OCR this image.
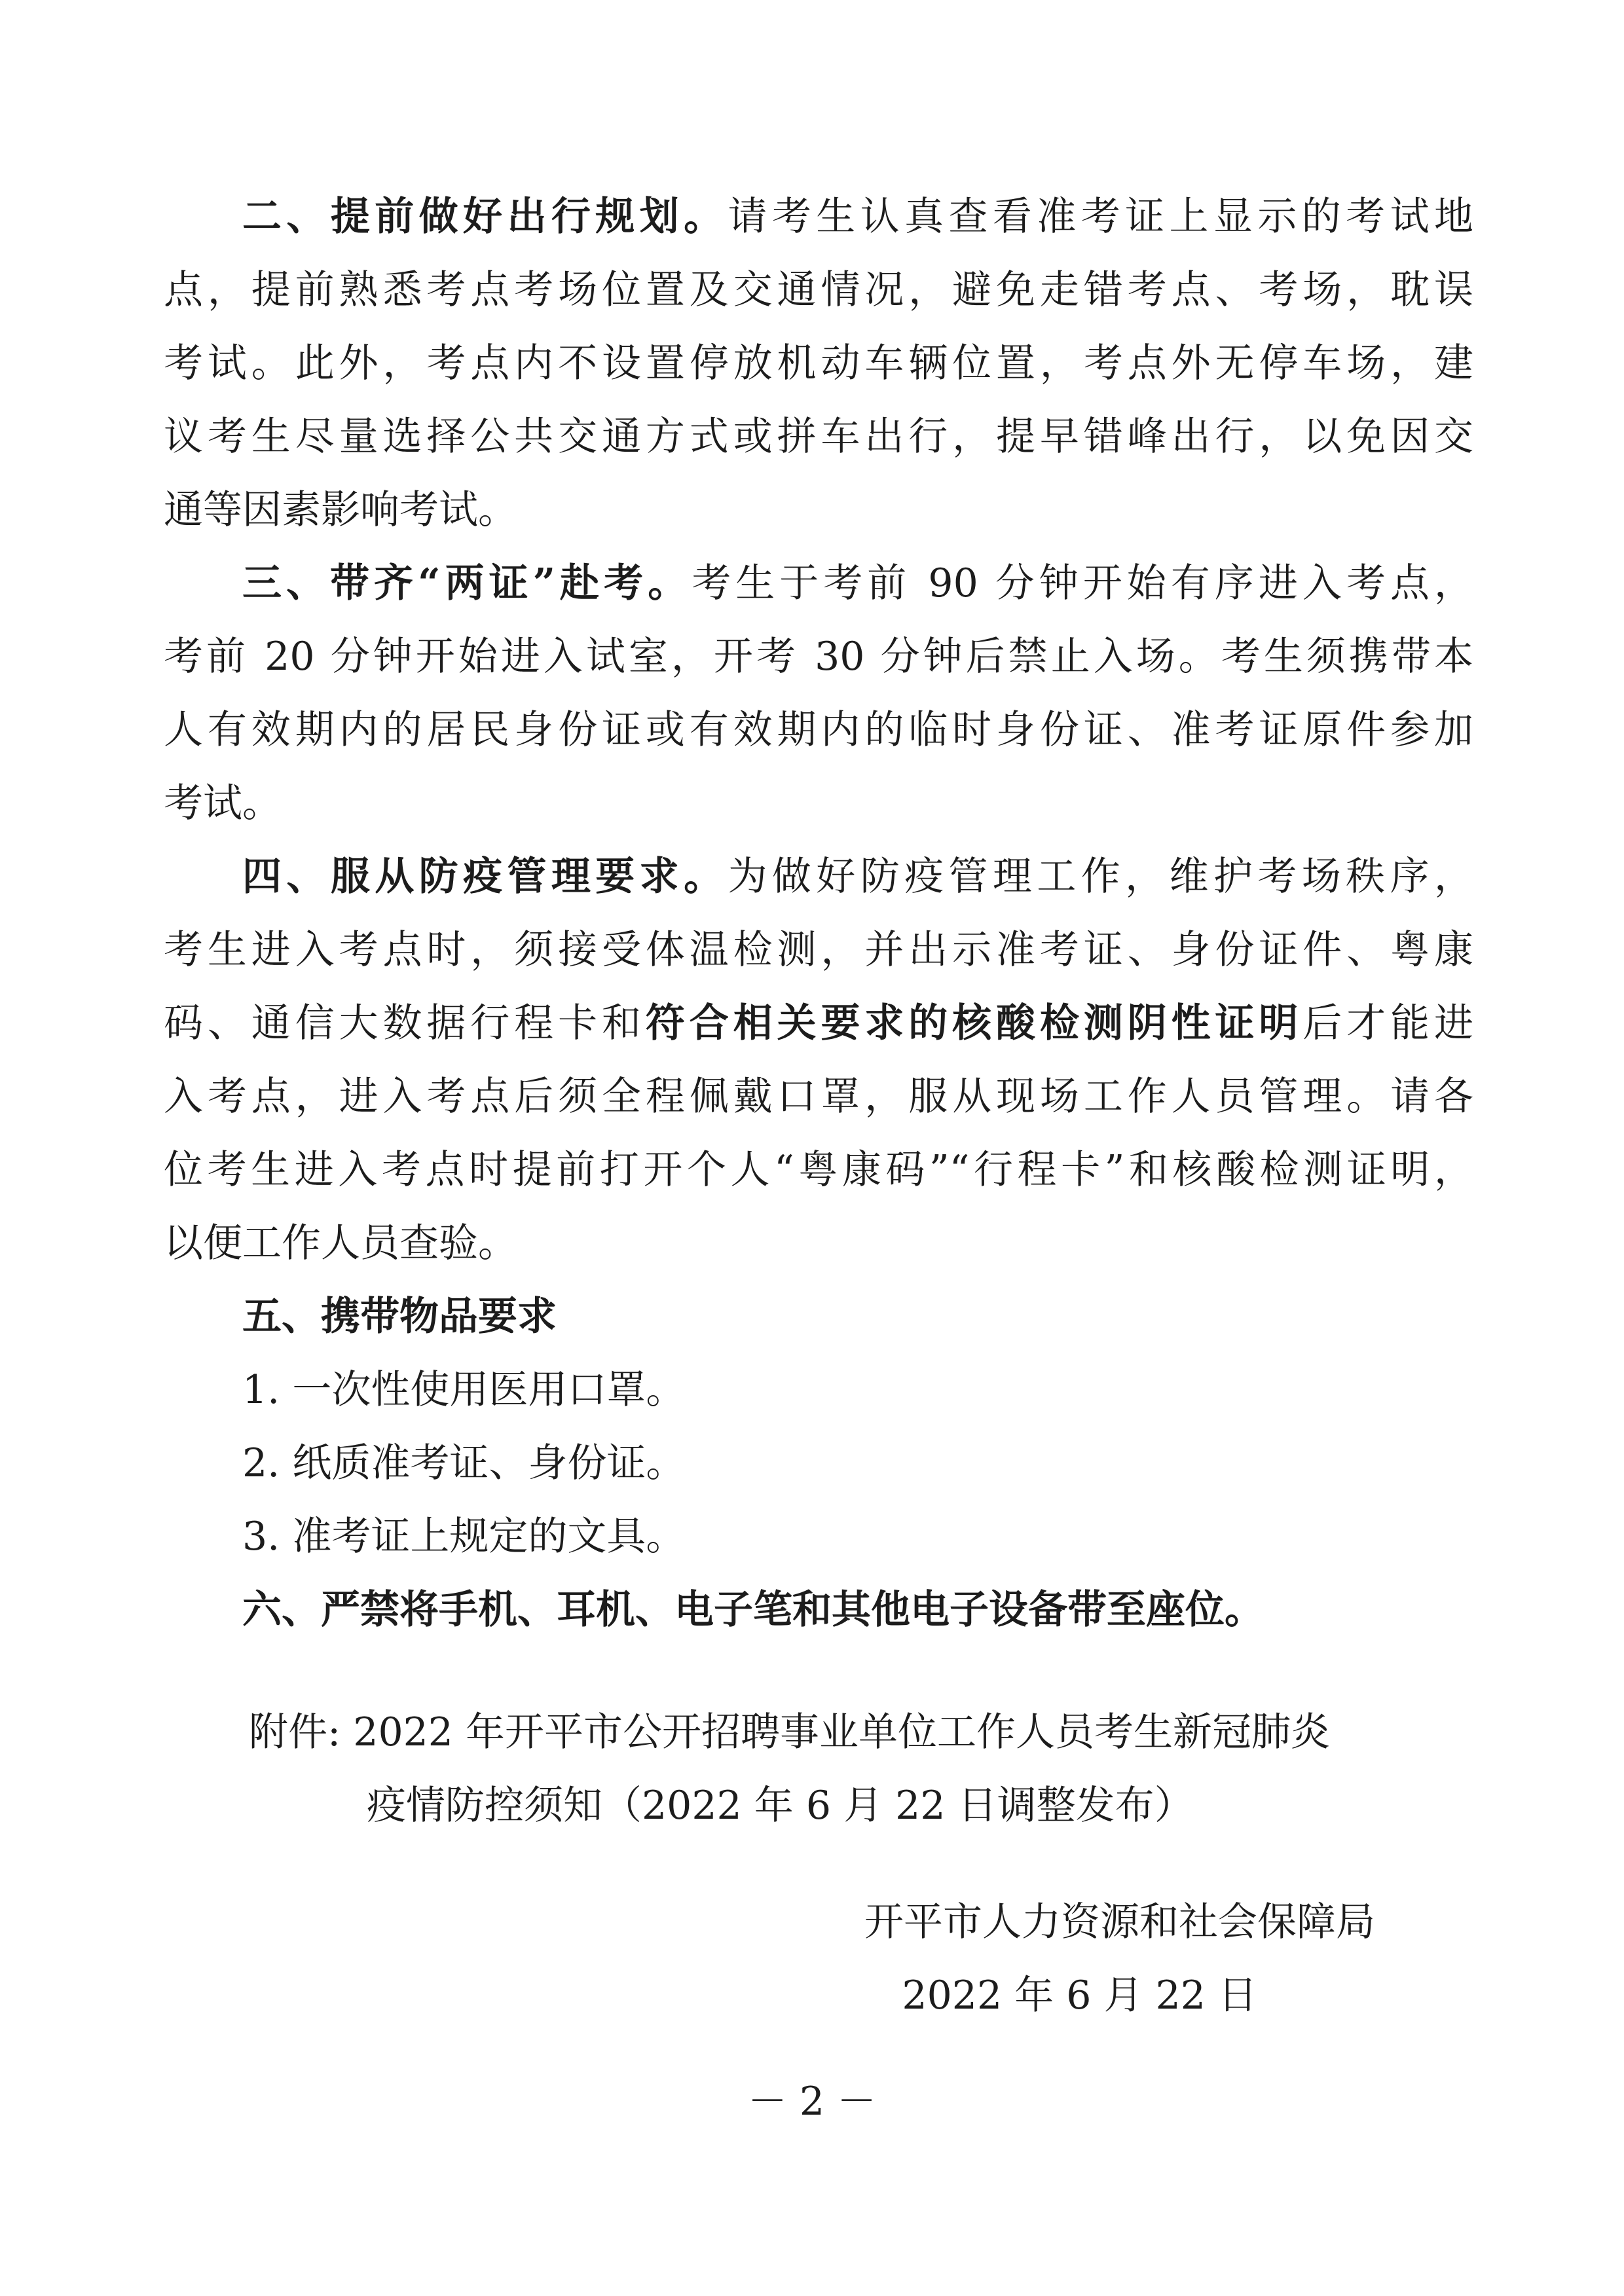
二、提前做好出行规划。请考生认真查看准考证上显示的考试地
点，提前熟悉考点考场位置及交通情况，避免走错考点、考场，耽误
考试。此外，考点内不设置停放机动车辆位置，考点外无停车场，建
议考生尽量选择公共交通方式或拼车出行，提早错峰出行，以免因交
通等因素影响考试。
三、带齐“两证”赴考。考生于考前 90 分钟开始有序进入考点，
考前 20 分钟开始进入试室，开考 30 分钟后禁止入场。考生须携带本
人有效期内的居民身份证或有效期内的临时身份证、准考证原件参加
考试。
四、服从防疫管理要求。为做好防疫管理工作，维护考场秩序，
考生进入考点时，须接受体温检测，并出示准考证、身份证件、粤康
码、通信大数据行程卡和符合相关要求的核酸检测阴性证明后才能进
入考点，进入考点后须全程佩戴口罩，服从现场工作人员管理。请各
位考生进入考点时提前打开个人“粤康码”“行程卡”和核酸检测证明，
以便工作人员查验。
五、携带物品要求
1. 一次性使用医用口罩。
2. 纸质准考证、身份证。
3. 准考证上规定的文具。
六、严禁将手机、耳机、电子笔和其他电子设备带至座位。
附件: 2022 年开平市公开招聘事业单位工作人员考生新冠肺炎
疫情防控须知（2022 年 6 月 22 日调整发布）
开平市人力资源和社会保障局
2022 年 6 月 22 日
－ 2 －
